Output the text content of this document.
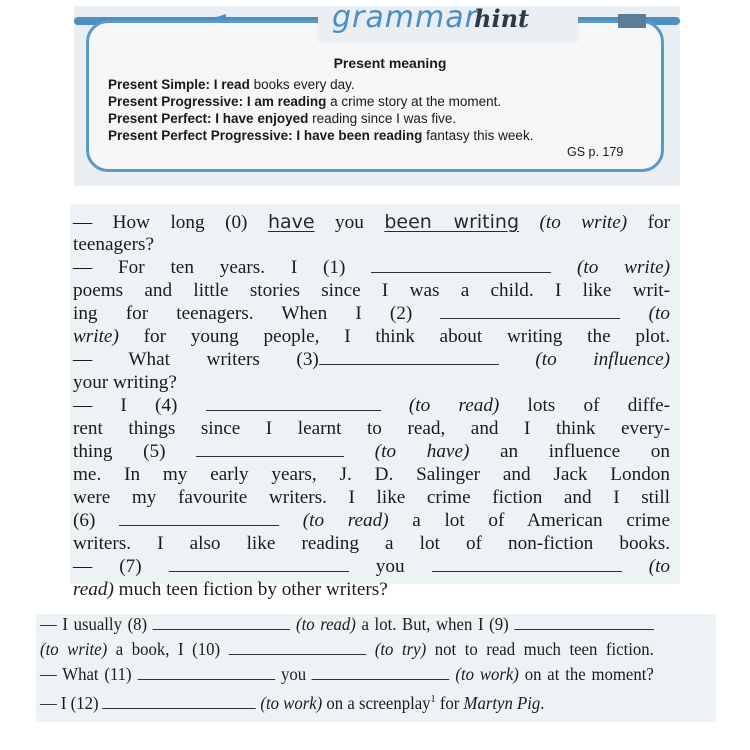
grammar
hint
Present meaning
Present Simple: I read books every day.
Present Progressive: I am reading a crime story at the moment.
Present Perfect: I have enjoyed reading since I was five.
Present Perfect Progressive: I have been reading fantasy this week.
GS p. 179
— How long (0) have you been writing (to write) for
teenagers?
— For ten years. I (1)	(to write)
poems and little stories since I was a child. I like writ-
ing for teenagers. When I (2)	(to
write) for young people, I think about writing the plot.
— What writers (3)	(to influence)
your writing?
— I (4)	(to read) lots of diffe-
rent things since I learnt to read, and I think every-
thing (5)	(to have) an influence on
me. In my early years, J. D. Salinger and Jack London
were my favourite writers. I like crime fiction and I still
(6)	(to read) a lot of American crime
writers. I also like reading a lot of non-fiction books.
— (7)	you	(to
read) much teen fiction by other writers?
— I usually (8)	(to read) a lot. But, when I (9)
(to write) a book, I (10)	(to try) not to read much teen fiction.
— What (11)	you	(to work) on at the moment?
— I (12)	(to work) on a screenplay$^1$ for Martyn Pig.
